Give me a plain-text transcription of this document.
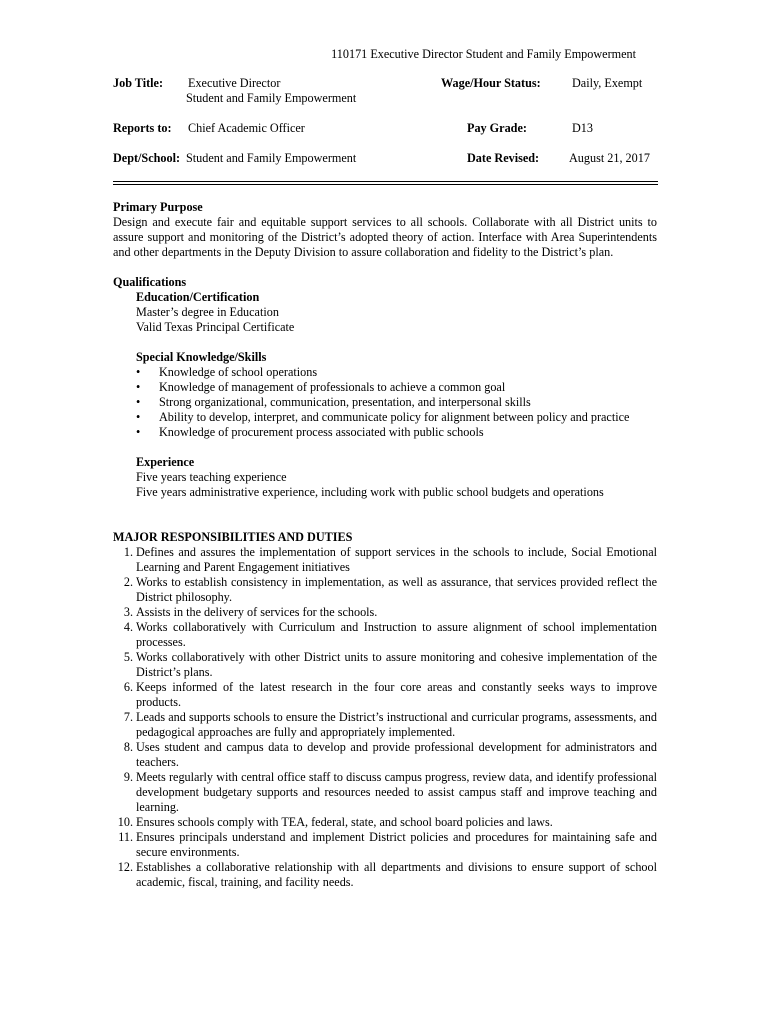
110171 Executive Director Student and Family Empowerment
Job Title: Executive Director
Student and Family Empowerment
Wage/Hour Status:	Daily, Exempt
Reports to: Chief Academic Officer	Pay Grade:	D13
Dept/School: Student and Family Empowerment	Date Revised: August 21, 2017

Primary Purpose

Design and execute fair and equitable support services to all schools. Collaborate with all District units to assure support and monitoring of the District’s adopted theory of action. Interface with Area Superintendents and other departments in the Deputy Division to assure collaboration and fidelity to the District’s plan.

Qualifications

Education/Certification

Master’s degree in Education

Valid Texas Principal Certificate

Special Knowledge/Skills

• Knowledge of school operations
• Knowledge of management of professionals to achieve a common goal
• Strong organizational, communication, presentation, and interpersonal skills
• Ability to develop, interpret, and communicate policy for alignment between policy and practice
• Knowledge of procurement process associated with public schools

Experience

Five years teaching experience

Five years administrative experience, including work with public school budgets and operations

MAJOR RESPONSIBILITIES AND DUTIES

1. Defines and assures the implementation of support services in the schools to include, Social Emotional Learning and Parent Engagement initiatives
2. Works to establish consistency in implementation, as well as assurance, that services provided reflect the District philosophy.
3. Assists in the delivery of services for the schools.
4. Works collaboratively with Curriculum and Instruction to assure alignment of school implementation processes.
5. Works collaboratively with other District units to assure monitoring and cohesive implementation of the District’s plans.
6. Keeps informed of the latest research in the four core areas and constantly seeks ways to improve products.
7. Leads and supports schools to ensure the District’s instructional and curricular programs, assessments, and pedagogical approaches are fully and appropriately implemented.
8. Uses student and campus data to develop and provide professional development for administrators and teachers.
9. Meets regularly with central office staff to discuss campus progress, review data, and identify professional development budgetary supports and resources needed to assist campus staff and improve teaching and learning.
10. Ensures schools comply with TEA, federal, state, and school board policies and laws.
11. Ensures principals understand and implement District policies and procedures for maintaining safe and secure environments.
12. Establishes a collaborative relationship with all departments and divisions to ensure support of school academic, fiscal, training, and facility needs.
